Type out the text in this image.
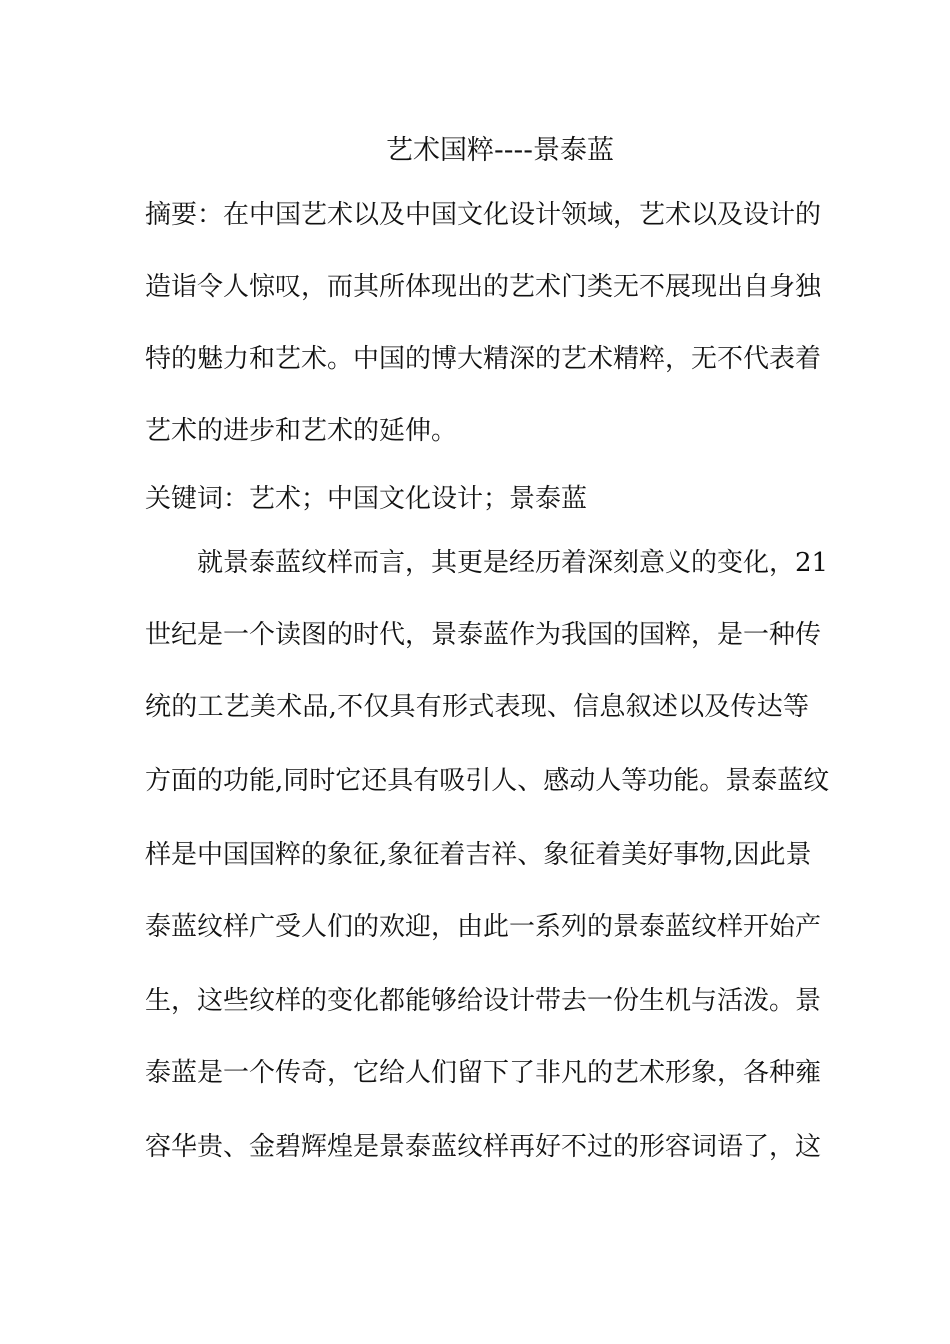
艺术国粹----景泰蓝
摘要：在中国艺术以及中国文化设计领域，艺术以及设计的
造诣令人惊叹，而其所体现出的艺术门类无不展现出自身独
特的魅力和艺术。中国的博大精深的艺术精粹，无不代表着
艺术的进步和艺术的延伸。
关键词：艺术；中国文化设计；景泰蓝
就景泰蓝纹样而言，其更是经历着深刻意义的变化，21
世纪是一个读图的时代，景泰蓝作为我国的国粹，是一种传
统的工艺美术品,不仅具有形式表现、信息叙述以及传达等
方面的功能,同时它还具有吸引人、感动人等功能。景泰蓝纹
样是中国国粹的象征,象征着吉祥、象征着美好事物,因此景
泰蓝纹样广受人们的欢迎，由此一系列的景泰蓝纹样开始产
生，这些纹样的变化都能够给设计带去一份生机与活泼。景
泰蓝是一个传奇，它给人们留下了非凡的艺术形象，各种雍
容华贵、金碧辉煌是景泰蓝纹样再好不过的形容词语了，这
